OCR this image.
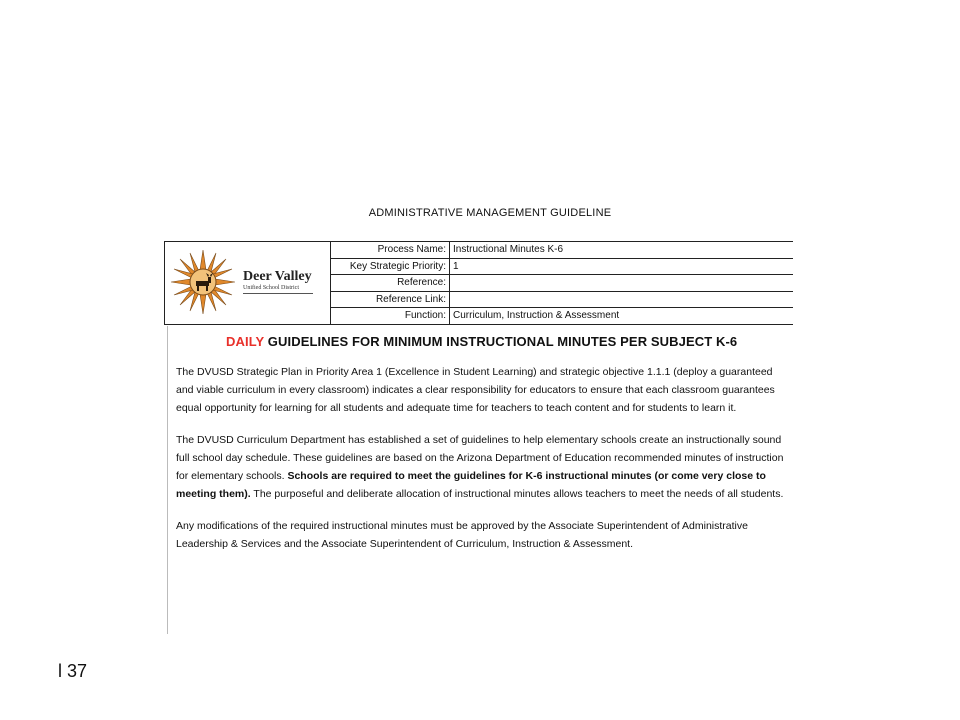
ADMINISTRATIVE MANAGEMENT GUIDELINE
Deer Valley
Unified School District
Process Name: Instructional Minutes K-6
Key Strategic Priority: 1
Reference:
Reference Link:
Function: Curriculum, Instruction & Assessment
DAILY GUIDELINES FOR MINIMUM INSTRUCTIONAL MINUTES PER SUBJECT K-6

The DVUSD Strategic Plan in Priority Area 1 (Excellence in Student Learning) and strategic objective 1.1.1 (deploy a guaranteed and viable curriculum in every classroom) indicates a clear responsibility for educators to ensure that each classroom guarantees equal opportunity for learning for all students and adequate time for teachers to teach content and for students to learn it.

The DVUSD Curriculum Department has established a set of guidelines to help elementary schools create an instructionally sound full school day schedule. These guidelines are based on the Arizona Department of Education recommended minutes of instruction for elementary schools. Schools are required to meet the guidelines for K-6 instructional minutes (or come very close to meeting them). The purposeful and deliberate allocation of instructional minutes allows teachers to meet the needs of all students.

Any modifications of the required instructional minutes must be approved by the Associate Superintendent of Administrative Leadership & Services and the Associate Superintendent of Curriculum, Instruction & Assessment.

l 37
